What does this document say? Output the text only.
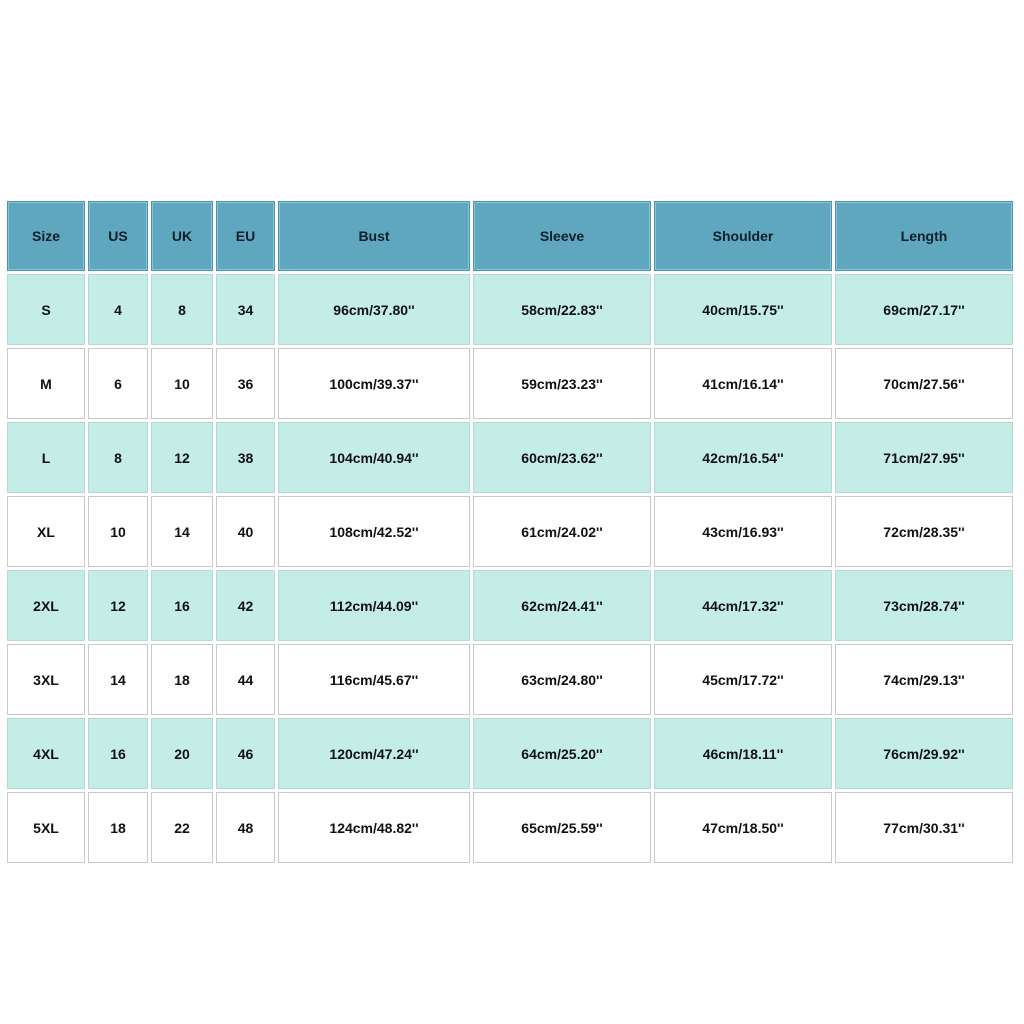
Size	US	UK	EU	Bust	Sleeve	Shoulder	Length
S	4	8	34	96cm/37.80''	58cm/22.83''	40cm/15.75''	69cm/27.17''
M	6	10	36	100cm/39.37''	59cm/23.23''	41cm/16.14''	70cm/27.56''
L	8	12	38	104cm/40.94''	60cm/23.62''	42cm/16.54''	71cm/27.95''
XL	10	14	40	108cm/42.52''	61cm/24.02''	43cm/16.93''	72cm/28.35''
2XL	12	16	42	112cm/44.09''	62cm/24.41''	44cm/17.32''	73cm/28.74''
3XL	14	18	44	116cm/45.67''	63cm/24.80''	45cm/17.72''	74cm/29.13''
4XL	16	20	46	120cm/47.24''	64cm/25.20''	46cm/18.11''	76cm/29.92''
5XL	18	22	48	124cm/48.82''	65cm/25.59''	47cm/18.50''	77cm/30.31''
